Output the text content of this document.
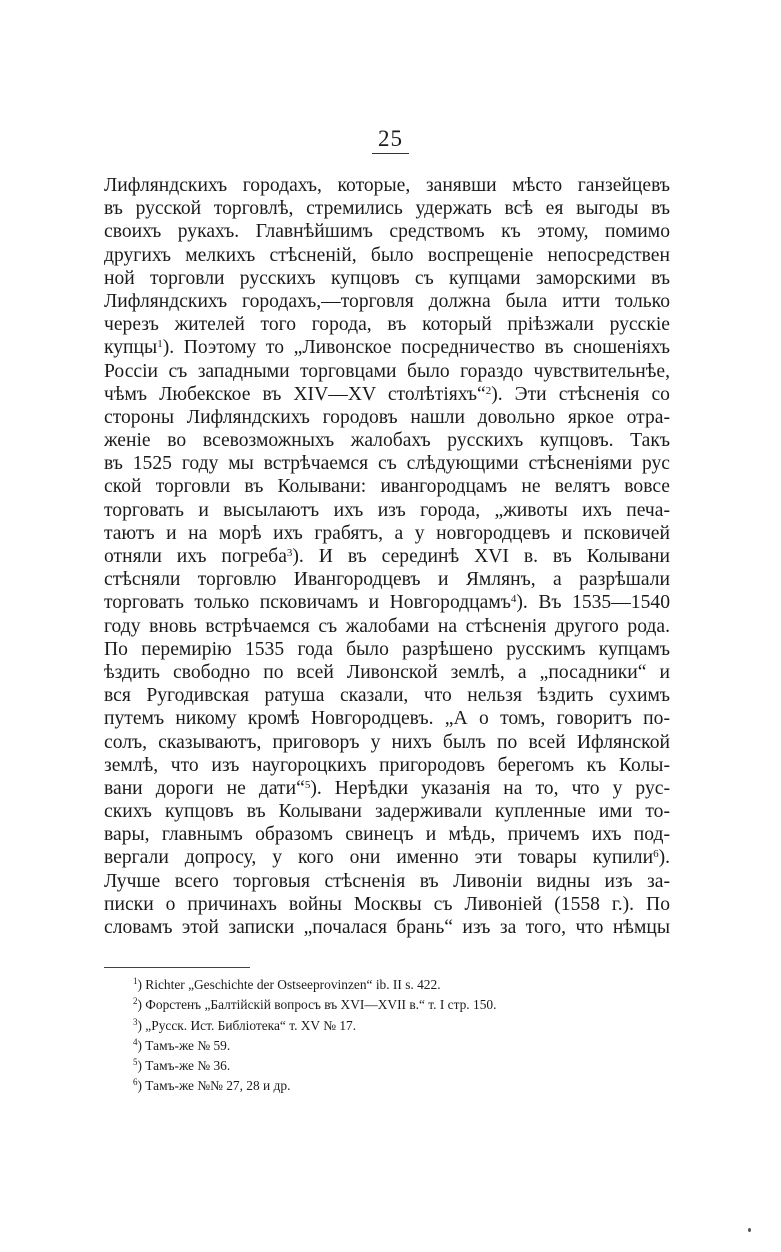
25
Лифляндскихъ городахъ, которые, занявши мѣсто ганзейцевъ
въ русской торговлѣ, стремились удержать всѣ ея выгоды въ
своихъ рукахъ. Главнѣйшимъ средствомъ къ этому, помимо
другихъ мелкихъ стѣсненій, было воспрещеніе непосредствен
ной торговли русскихъ купцовъ съ купцами заморскими въ
Лифляндскихъ городахъ,—торговля должна была итти только
черезъ жителей того города, въ который пріѣзжали русскіе
купцы$^1$). Поэтому то „Ливонское посредничество въ сношеніяхъ
Россіи съ западными торговцами было гораздо чувствительнѣе,
чѣмъ Любекское въ XIV—XV столѣтіяхъ“$^2$). Эти стѣсненія со
стороны Лифляндскихъ городовъ нашли довольно яркое отра-
женіе во всевозможныхъ жалобахъ русскихъ купцовъ. Такъ
въ 1525 году мы встрѣчаемся съ слѣдующими стѣсненіями рус
ской торговли въ Колывани: ивангородцамъ не велятъ вовсе
торговать и высылаютъ ихъ изъ города, „животы ихъ печа-
таютъ и на морѣ ихъ грабятъ, а у новгородцевъ и псковичей
отняли ихъ погреба$^3$). И въ серединѣ XVI в. въ Колывани
стѣсняли торговлю Ивангородцевъ и Ямлянъ, а разрѣшали
торговать только псковичамъ и Новгородцамъ$^4$). Въ 1535—1540
году вновь встрѣчаемся съ жалобами на стѣсненія другого рода.
По перемирію 1535 года было разрѣшено русскимъ купцамъ
ѣздить свободно по всей Ливонской землѣ, а „посадники“ и
вся Ругодивская ратуша сказали, что нельзя ѣздить сухимъ
путемъ никому кромѣ Новгородцевъ. „А о томъ, говоритъ по-
солъ, сказываютъ, приговоръ у нихъ былъ по всей Ифлянской
землѣ, что изъ наугороцкихъ пригородовъ берегомъ къ Колы-
вани дороги не дати“$^5$). Нерѣдки указанія на то, что у рус-
скихъ купцовъ въ Колывани задерживали купленные ими то-
вары, главнымъ образомъ свинецъ и мѣдь, причемъ ихъ под-
вергали допросу, у кого они именно эти товары купили$^6$).
Лучше всего торговыя стѣсненія въ Ливоніи видны изъ за-
писки о причинахъ войны Москвы съ Ливоніей (1558 г.). По
словамъ этой записки „почалася брань“ изъ за того, что нѣмцы
$^1$) Richter „Geschichte der Ostseeprovinzen“ ib. II s. 422.
$^2$) Форстенъ „Балтійскій вопросъ въ XVI—XVII в.“ т. I стр. 150.
$^3$) „Русск. Ист. Библіотека“ т. XV № 17.
$^4$) Тамъ-же № 59.
$^5$) Тамъ-же № 36.
$^6$) Тамъ-же №№ 27, 28 и др.
